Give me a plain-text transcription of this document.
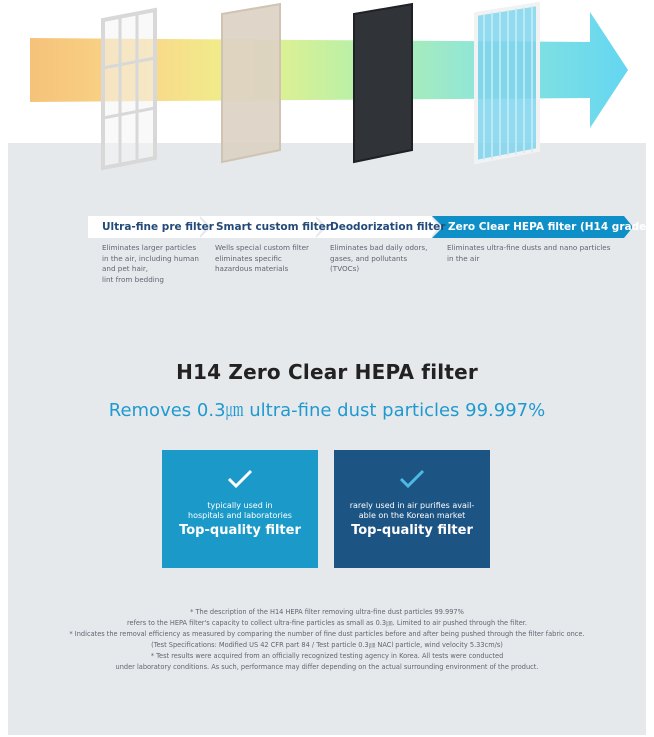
Ultra-fine pre filter Smart custom filter Deodorization filter Zero Clear HEPA filter (H14 grade)
Eliminates larger particles
in the air, including human
and pet hair,
lint from bedding
Wells special custom filter
eliminates specific
hazardous materials
Eliminates bad daily odors,
gases, and pollutants
(TVOCs)
Eliminates ultra-fine dusts and nano particles
in the air
H14 Zero Clear HEPA filter
Removes 0.3㎛ ultra-fine dust particles 99.997%
typically used in
hospitals and laboratories
Top-quality filter
rarely used in air purifies avail-
able on the Korean market
Top-quality filter
* The description of the H14 HEPA filter removing ultra-fine dust particles 99.997%
refers to the HEPA filter's capacity to collect ultra-fine particles as small as 0.3㎛. Limited to air pushed through the filter.
* Indicates the removal efficiency as measured by comparing the number of fine dust particles before and after being pushed through the filter fabric once.
(Test Specifications: Modified US 42 CFR part 84 / Test particle 0.3㎛ NACl particle, wind velocity 5.33cm/s)
* Test results were acquired from an officially recognized testing agency in Korea. All tests were conducted
under laboratory conditions. As such, performance may differ depending on the actual surrounding environment of the product.
